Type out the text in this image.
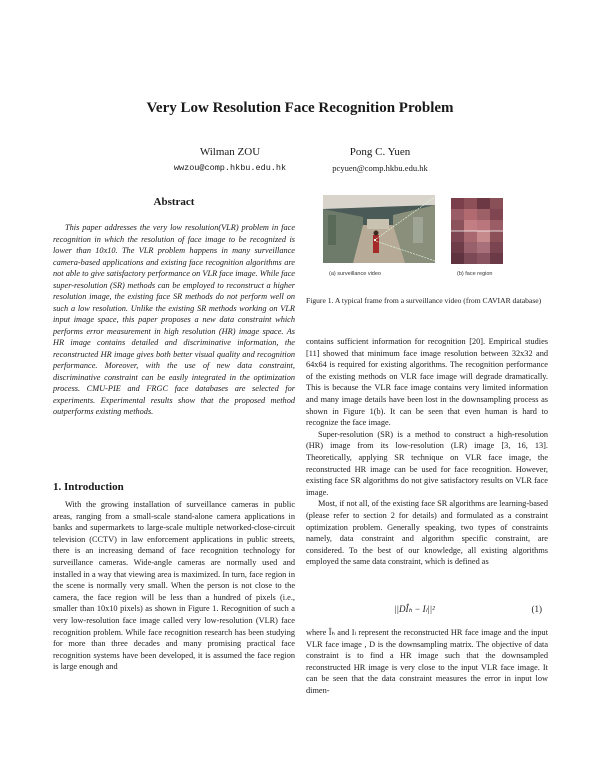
Very Low Resolution Face Recognition Problem
Wilman ZOU
wwzou@comp.hkbu.edu.hk
Pong C. Yuen
pcyuen@comp.hkbu.edu.hk
Abstract
This paper addresses the very low resolution(VLR) problem in face recognition in which the resolution of face image to be recognized is lower than 10x10. The VLR problem happens in many surveillance camera-based applications and existing face recognition algorithms are not able to give satisfactory performance on VLR face image. While face super-resolution (SR) methods can be employed to reconstruct a higher resolution image, the existing face SR methods do not perform well on such a low resolution. Unlike the existing SR methods working on VLR input image space, this paper proposes a new data constraint which performs error measurement in high resolution (HR) image space. As HR image contains detailed and discriminative information, the reconstructed HR image gives both better visual quality and recognition performance. Moreover, with the use of new data constraint, discriminative constraint can be easily integrated in the optimization process. CMU-PIE and FRGC face databases are selected for experiments. Experimental results show that the proposed method outperforms existing methods.
1. Introduction
With the growing installation of surveillance cameras in public areas, ranging from a small-scale stand-alone camera applications in banks and supermarkets to large-scale multiple networked-close-circuit television (CCTV) in law enforcement applications in public streets, there is an increasing demand of face recognition technology for surveillance cameras. Wide-angle cameras are normally used and installed in a way that viewing area is maximized. In turn, face region in the scene is normally very small. When the person is not close to the camera, the face region will be less than a hundred of pixels (i.e., smaller than 10x10 pixels) as shown in Figure 1. Recognition of such a very low-resolution face image called very low-resolution (VLR) face recognition problem. While face recognition research has been studying for more than three decades and many promising practical face recognition systems have been developed, it is assumed the face region is large enough and
(a) surveillance video	(b) face region
Figure 1. A typical frame from a surveillance video (from CAVIAR database)

contains sufficient information for recognition [20]. Empirical studies [11] showed that minimum face image resolution between 32x32 and 64x64 is required for existing algorithms. The recognition performance of the existing methods on VLR face image will degrade dramatically. This is because the VLR face image contains very limited information and many image details have been lost in the downsampling process as shown in Figure 1(b). It can be seen that even human is hard to recognize the face image.

Super-resolution (SR) is a method to construct a high-resolution (HR) image from its low-resolution (LR) image [3, 16, 13]. Theoretically, applying SR technique on VLR face image, the reconstructed HR image can be used for face recognition. However, existing face SR algorithms do not give satisfactory results on VLR face image.

Most, if not all, of the existing face SR algorithms are learning-based (please refer to section 2 for details) and formulated as a constraint optimization problem. Generally speaking, two types of constraints namely, data constraint and algorithm specific constraint, are considered. To the best of our knowledge, all existing algorithms employed the same data constraint, which is defined as

||DÎₕ − Iₗ||²	(1)

where Îₕ and Iₗ represent the reconstructed HR face image and the input VLR face image , D is the downsampling matrix. The objective of data constraint is to find a HR image such that the downsampled reconstructed HR image is very close to the input VLR face image. It can be seen that the data constraint measures the error in input low dimen-
